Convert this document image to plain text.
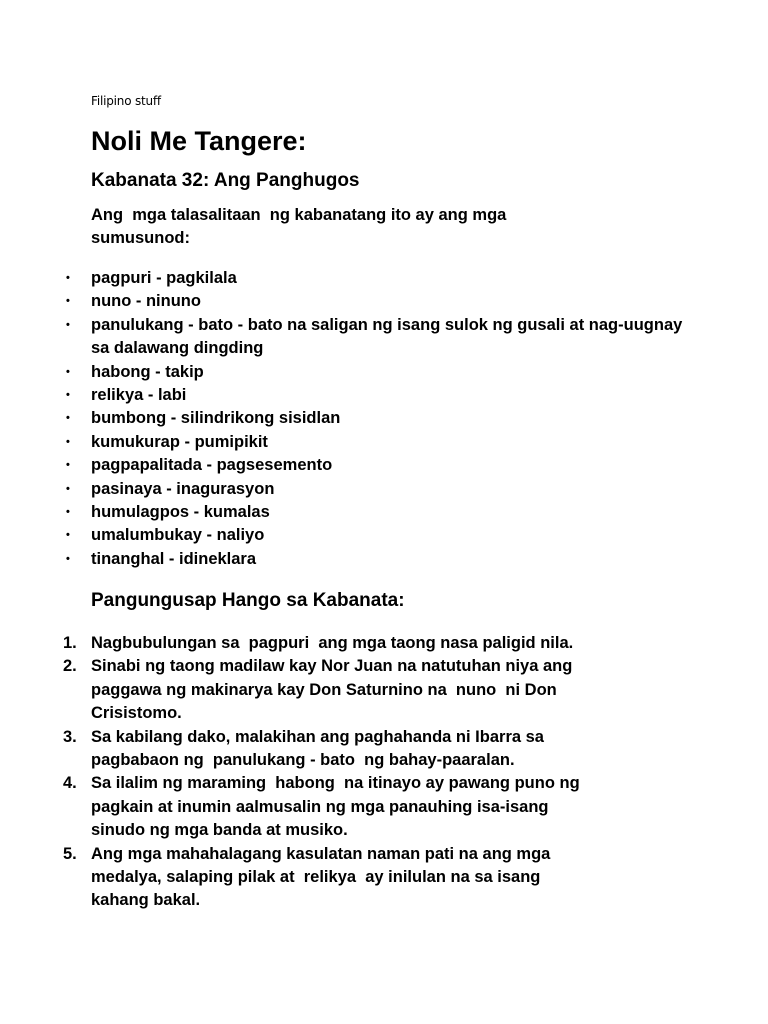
Filipino stuff
Noli Me Tangere:
Kabanata 32: Ang Panghugos

Ang  mga talasalitaan  ng kabanatang ito ay ang mga
sumusunod:

• pagpuri - pagkilala
• nuno - ninuno
• panulukang - bato - bato na saligan ng isang sulok ng gusali at nag-uugnay sa dalawang dingding
• habong - takip
• relikya - labi
• bumbong - silindrikong sisidlan
• kumukurap - pumipikit
• pagpapalitada - pagsesemento
• pasinaya - inagurasyon
• humulagpos - kumalas
• umalumbukay - naliyo
• tinanghal - idineklara
Pangungusap Hango sa Kabanata:
1. Nagbubulungan sa  pagpuri  ang mga taong nasa paligid nila.
2. Sinabi ng taong madilaw kay Nor Juan na natutuhan niya ang
paggawa ng makinarya kay Don Saturnino na  nuno  ni Don
Crisistomo.
3. Sa kabilang dako, malakihan ang paghahanda ni Ibarra sa
pagbabaon ng  panulukang - bato  ng bahay-paaralan.
4. Sa ilalim ng maraming  habong  na itinayo ay pawang puno ng
pagkain at inumin aalmusalin ng mga panauhing isa-isang
sinudo ng mga banda at musiko.
5. Ang mga mahahalagang kasulatan naman pati na ang mga
medalya, salaping pilak at  relikya  ay inilulan na sa isang
kahang bakal.
